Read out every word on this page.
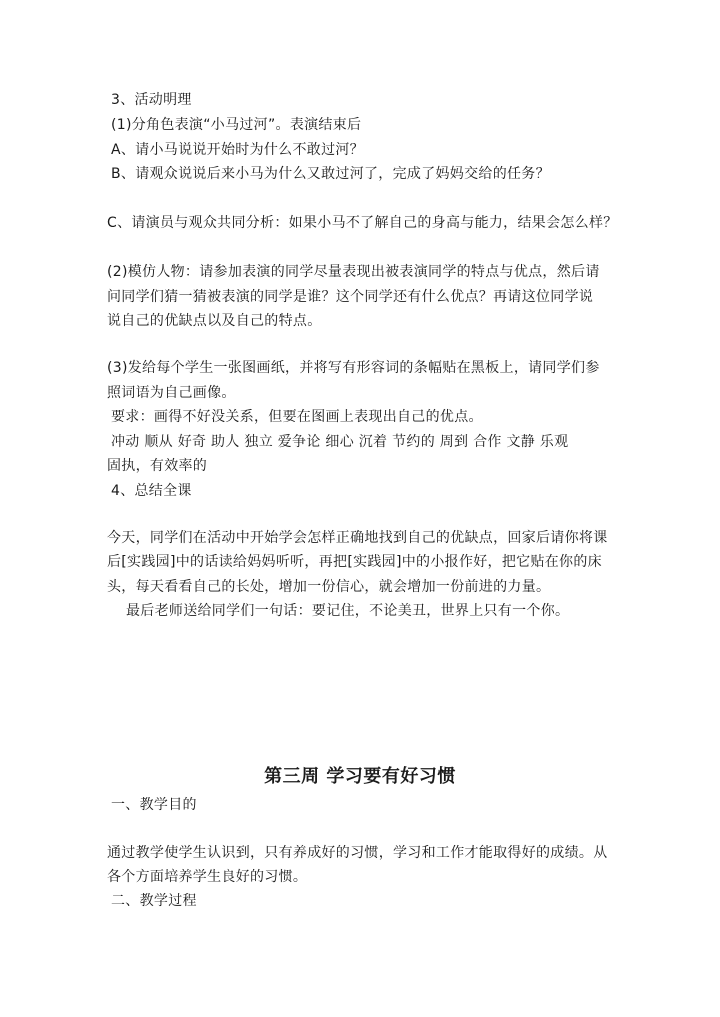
3、活动明理
(1)分角色表演“小马过河”。表演结束后
A、请小马说说开始时为什么不敢过河？
B、请观众说说后来小马为什么又敢过河了，完成了妈妈交给的任务？
C、请演员与观众共同分析：如果小马不了解自己的身高与能力，结果会怎么样？
(2)模仿人物：请参加表演的同学尽量表现出被表演同学的特点与优点，然后请
问同学们猜一猜被表演的同学是谁？这个同学还有什么优点？再请这位同学说
说自己的优缺点以及自己的特点。
(3)发给每个学生一张图画纸，并将写有形容词的条幅贴在黑板上，请同学们参
照词语为自己画像。
要求：画得不好没关系，但要在图画上表现出自己的优点。
冲动 顺从 好奇 助人 独立 爱争论 细心 沉着 节约的 周到 合作 文静 乐观
固执，有效率的
4、总结全课
今天，同学们在活动中开始学会怎样正确地找到自己的优缺点，回家后请你将课
后[实践园]中的话读给妈妈听听，再把[实践园]中的小报作好，把它贴在你的床
头，每天看看自己的长处，增加一份信心，就会增加一份前进的力量。
最后老师送给同学们一句话：要记住，不论美丑，世界上只有一个你。
第三周 学习要有好习惯
一、教学目的
通过教学使学生认识到，只有养成好的习惯，学习和工作才能取得好的成绩。从
各个方面培养学生良好的习惯。
二、教学过程
